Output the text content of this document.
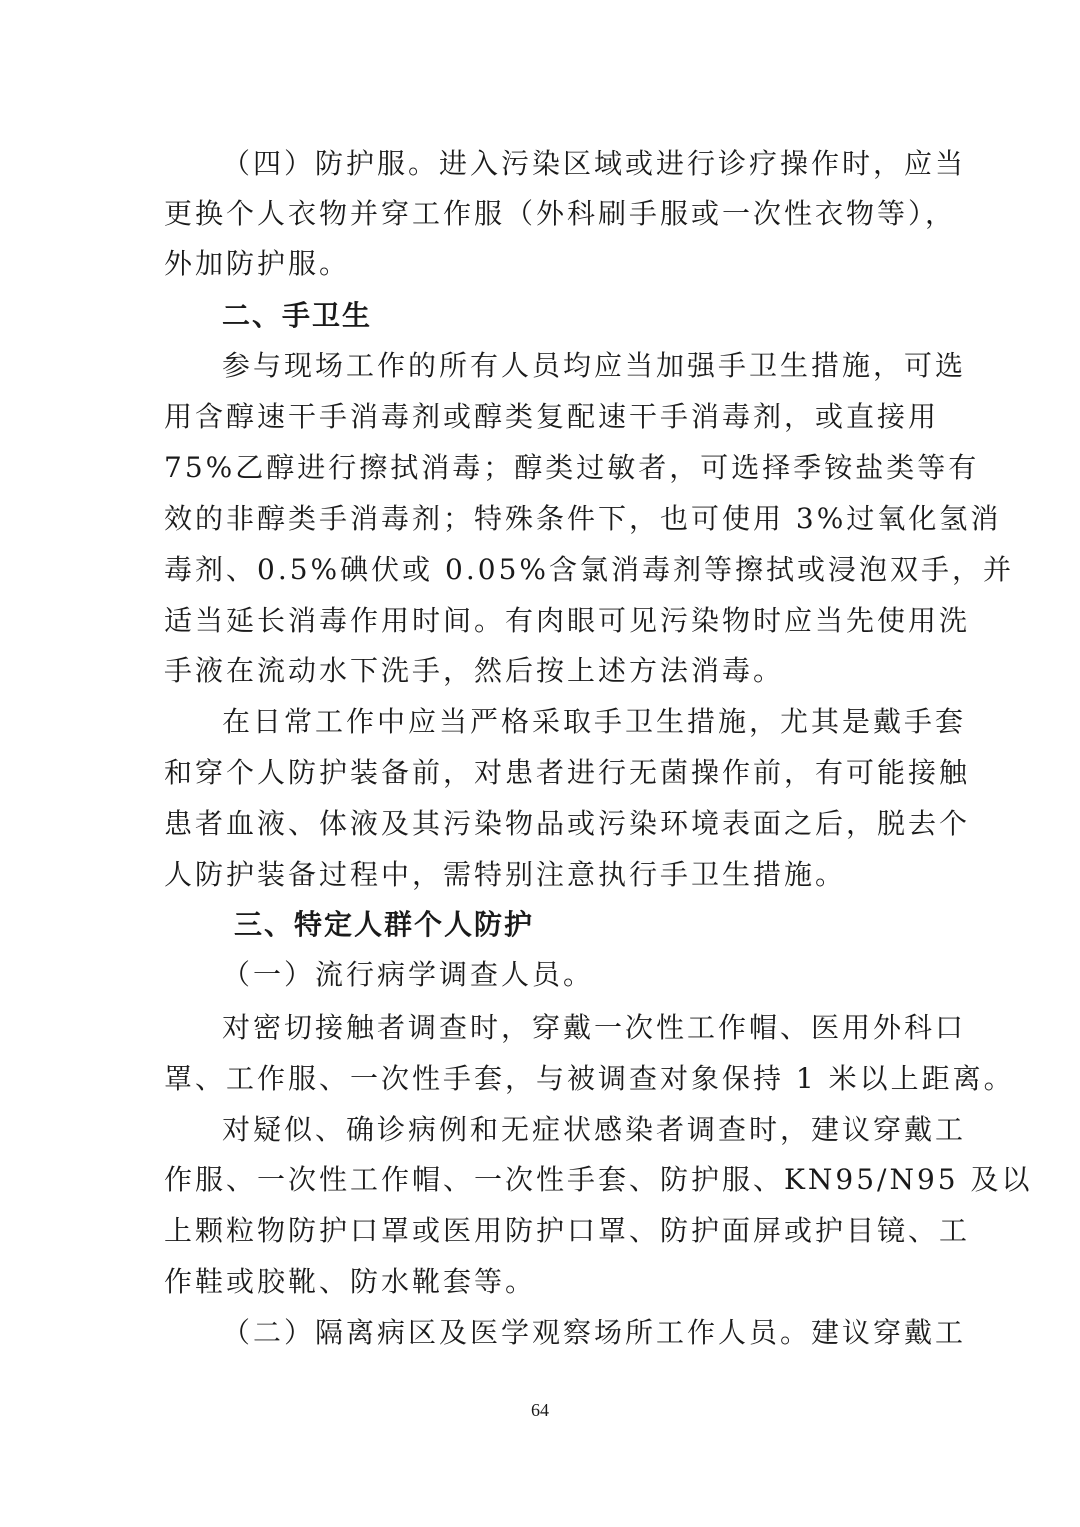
（四）防护服。进入污染区域或进行诊疗操作时，应当
更换个人衣物并穿工作服（外科刷手服或一次性衣物等），
外加防护服。
二、手卫生
参与现场工作的所有人员均应当加强手卫生措施，可选
用含醇速干手消毒剂或醇类复配速干手消毒剂，或直接用
75%乙醇进行擦拭消毒；醇类过敏者，可选择季铵盐类等有
效的非醇类手消毒剂；特殊条件下，也可使用 3%过氧化氢消
毒剂、0.5%碘伏或 0.05%含氯消毒剂等擦拭或浸泡双手，并
适当延长消毒作用时间。有肉眼可见污染物时应当先使用洗
手液在流动水下洗手，然后按上述方法消毒。
在日常工作中应当严格采取手卫生措施，尤其是戴手套
和穿个人防护装备前，对患者进行无菌操作前，有可能接触
患者血液、体液及其污染物品或污染环境表面之后，脱去个
人防护装备过程中，需特别注意执行手卫生措施。
三、特定人群个人防护
（一）流行病学调查人员。
对密切接触者调查时，穿戴一次性工作帽、医用外科口
罩、工作服、一次性手套，与被调查对象保持 1 米以上距离。
对疑似、确诊病例和无症状感染者调查时，建议穿戴工
作服、一次性工作帽、一次性手套、防护服、KN95/N95 及以
上颗粒物防护口罩或医用防护口罩、防护面屏或护目镜、工
作鞋或胶靴、防水靴套等。
（二）隔离病区及医学观察场所工作人员。建议穿戴工
64
